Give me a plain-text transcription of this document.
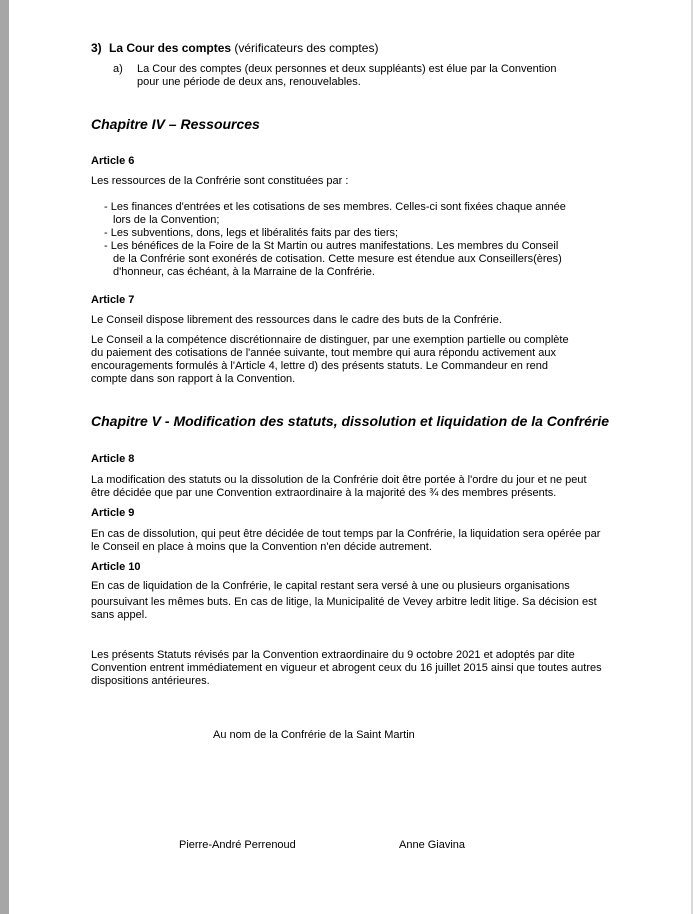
3) La Cour des comptes (vérificateurs des comptes)
a) La Cour des comptes (deux personnes et deux suppléants) est élue par la Convention
pour une période de deux ans, renouvelables.
Chapitre IV – Ressources
Article 6
Les ressources de la Confrérie sont constituées par :
- Les finances d'entrées et les cotisations de ses membres. Celles-ci sont fixées chaque année
lors de la Convention;
- Les subventions, dons, legs et libéralités faits par des tiers;
- Les bénéfices de la Foire de la St Martin ou autres manifestations. Les membres du Conseil
de la Confrérie sont exonérés de cotisation. Cette mesure est étendue aux Conseillers(ères)
d'honneur, cas échéant, à la Marraine de la Confrérie.
Article 7
Le Conseil dispose librement des ressources dans le cadre des buts de la Confrérie.
Le Conseil a la compétence discrétionnaire de distinguer, par une exemption partielle ou complète
du paiement des cotisations de l'année suivante, tout membre qui aura répondu activement aux
encouragements formulés à l'Article 4, lettre d) des présents statuts. Le Commandeur en rend
compte dans son rapport à la Convention.
Chapitre V - Modification des statuts, dissolution et liquidation de la Confrérie
Article 8
La modification des statuts ou la dissolution de la Confrérie doit être portée à l'ordre du jour et ne peut
être décidée que par une Convention extraordinaire à la majorité des ¾ des membres présents.
Article 9
En cas de dissolution, qui peut être décidée de tout temps par la Confrérie, la liquidation sera opérée par
le Conseil en place à moins que la Convention n'en décide autrement.
Article 10
En cas de liquidation de la Confrérie, le capital restant sera versé à une ou plusieurs organisations
poursuivant les mêmes buts. En cas de litige, la Municipalité de Vevey arbitre ledit litige. Sa décision est
sans appel.
Les présents Statuts révisés par la Convention extraordinaire du 9 octobre 2021 et adoptés par dite
Convention entrent immédiatement en vigueur et abrogent ceux du 16 juillet 2015 ainsi que toutes autres
dispositions antérieures.
Au nom de la Confrérie de la Saint Martin
Pierre-André Perrenoud	Anne Giavina
